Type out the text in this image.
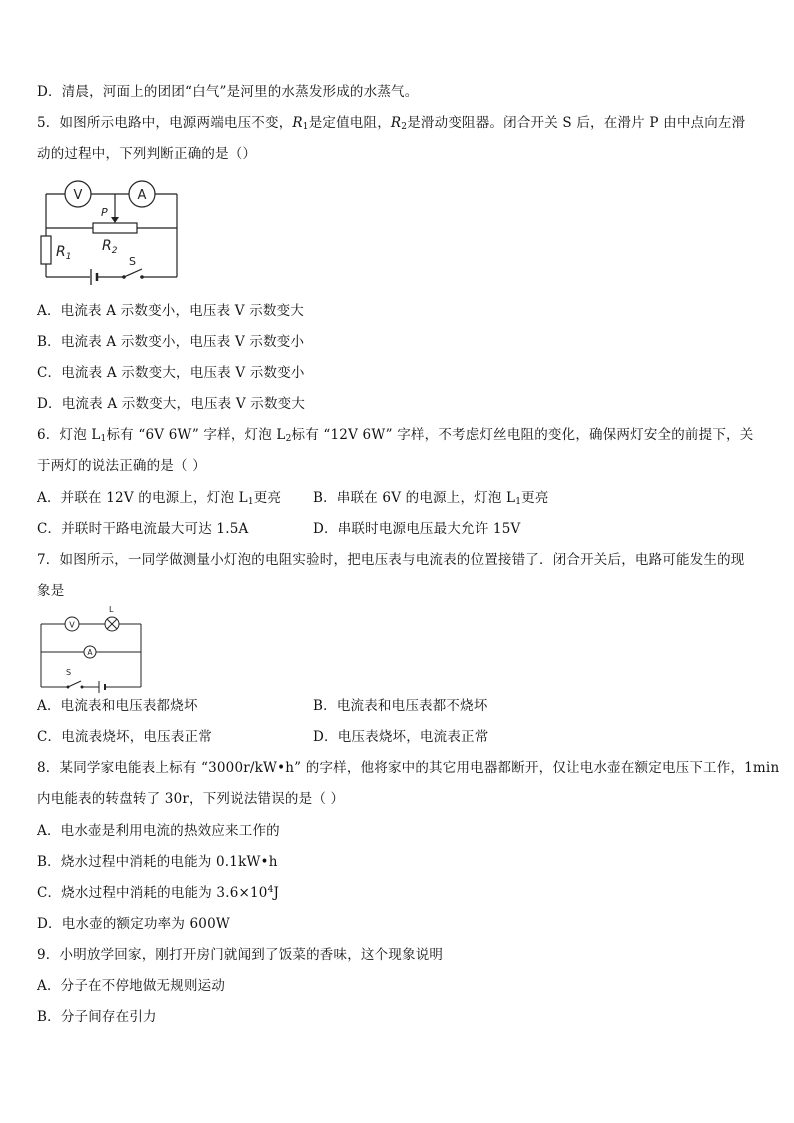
D．清晨，河面上的团团“白气”是河里的水蒸发形成的水蒸气。
5．如图所示电路中，电源两端电压不变，$R_1$是定值电阻，$R_2$是滑动变阻器。闭合开关 S 后，在滑片 P 由中点向左滑
动的过程中，下列判断正确的是（）
V	A
P
$R_2$
$R_1$	S
A．电流表 A 示数变小，电压表 V 示数变大
B．电流表 A 示数变小，电压表 V 示数变小
C．电流表 A 示数变大，电压表 V 示数变小
D．电流表 A 示数变大，电压表 V 示数变大
6．灯泡 $L_1$标有 “6V 6W” 字样，灯泡 $L_2$标有 “12V 6W” 字样，不考虑灯丝电阻的变化，确保两灯安全的前提下，关
于两灯的说法正确的是（ ）
A．并联在 12V 的电源上，灯泡 $L_1$更亮 B．串联在 6V 的电源上，灯泡 $L_1$更亮
C．并联时干路电流最大可达 1.5A	D．串联时电源电压最大允许 15V
7．如图所示，一同学做测量小灯泡的电阻实验时，把电压表与电流表的位置接错了．闭合开关后，电路可能发生的现
象是
V
L
A
S
A．电流表和电压表都烧坏	B．电流表和电压表都不烧坏
C．电流表烧坏，电压表正常	D．电压表烧坏，电流表正常
8．某同学家电能表上标有 “3000r/kW•h” 的字样，他将家中的其它用电器都断开，仅让电水壶在额定电压下工作，1min
内电能表的转盘转了 30r，下列说法错误的是（ ）
A．电水壶是利用电流的热效应来工作的
B．烧水过程中消耗的电能为 0.1kW•h
C．烧水过程中消耗的电能为 $3.6\times 10^4J$
D．电水壶的额定功率为 600W
9．小明放学回家，刚打开房门就闻到了饭菜的香味，这个现象说明
A．分子在不停地做无规则运动
B．分子间存在引力
